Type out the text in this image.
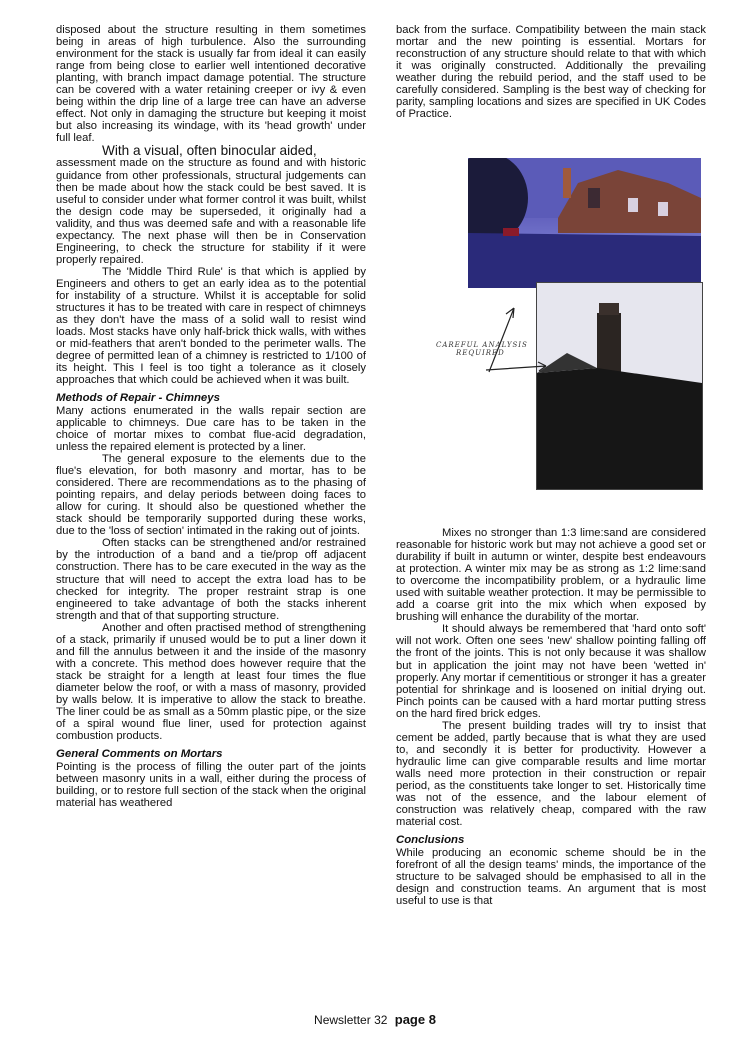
disposed about the structure resulting in them sometimes being in areas of high turbulence. Also the surrounding environment for the stack is usually far from ideal it can easily range from being close to earlier well intentioned decorative planting, with branch impact damage potential. The structure can be covered with a water retaining creeper or ivy & even being within the drip line of a large tree can have an adverse effect. Not only in damaging the structure but keeping it moist but also increasing its windage, with its 'head growth' under full leaf.

With a visual, often binocular aided,

assessment made on the structure as found and with historic guidance from other professionals, structural judgements can then be made about how the stack could be best saved. It is useful to consider under what former control it was built, whilst the design code may be superseded, it originally had a validity, and thus was deemed safe and with a reasonable life expectancy. The next phase will then be in Conservation Engineering, to check the structure for stability if it were properly repaired.

The 'Middle Third Rule' is that which is applied by Engineers and others to get an early idea as to the potential for instability of a structure. Whilst it is acceptable for solid structures it has to be treated with care in respect of chimneys as they don't have the mass of a solid wall to resist wind loads. Most stacks have only half-brick thick walls, with withes or mid-feathers that aren't bonded to the perimeter walls. The degree of permitted lean of a chimney is restricted to 1/100 of its height. This I feel is too tight a tolerance as it closely approaches that which could be achieved when it was built.

Methods of Repair - Chimneys

Many actions enumerated in the walls repair section are applicable to chimneys. Due care has to be taken in the choice of mortar mixes to combat flue-acid degradation, unless the repaired element is protected by a liner.

The general exposure to the elements due to the flue's elevation, for both masonry and mortar, has to be considered. There are recommendations as to the phasing of pointing repairs, and delay periods between doing faces to allow for curing. It should also be questioned whether the stack should be temporarily supported during these works, due to the 'loss of section' intimated in the raking out of joints.

Often stacks can be strengthened and/or restrained by the introduction of a band and a tie/prop off adjacent construction. There has to be care executed in the way as the structure that will need to accept the extra load has to be checked for integrity. The proper restraint strap is one engineered to take advantage of both the stacks inherent strength and that of that supporting structure.

Another and often practised method of strengthening of a stack, primarily if unused would be to put a liner down it and fill the annulus between it and the inside of the masonry with a concrete. This method does however require that the stack be straight for a length at least four times the flue diameter below the roof, or with a mass of masonry, provided by walls below. It is imperative to allow the stack to breathe. The liner could be as small as a 50mm plastic pipe, or the size of a spiral wound flue liner, used for protection against combustion products.

General Comments on Mortars

Pointing is the process of filling the outer part of the joints between masonry units in a wall, either during the process of building, or to restore full section of the stack when the original material has weathered

back from the surface. Compatibility between the main stack mortar and the new pointing is essential. Mortars for reconstruction of any structure should relate to that with which it was originally constructed. Additionally the prevailing weather during the rebuild period, and the staff used to be carefully considered. Sampling is the best way of checking for parity, sampling locations and sizes are specified in UK Codes of Practice.

CAREFUL ANALYSIS
REQUIRED

Mixes no stronger than 1:3 lime:sand are considered reasonable for historic work but may not achieve a good set or durability if built in autumn or winter, despite best endeavours at protection. A winter mix may be as strong as 1:2 lime:sand to overcome the incompatibility problem, or a hydraulic lime used with suitable weather protection. It may be permissible to add a coarse grit into the mix which when exposed by brushing will enhance the durability of the mortar.

It should always be remembered that 'hard onto soft' will not work. Often one sees 'new' shallow pointing falling off the front of the joints. This is not only because it was shallow but in application the joint may not have been 'wetted in' properly. Any mortar if cementitious or stronger it has a greater potential for shrinkage and is loosened on initial drying out. Pinch points can be caused with a hard mortar putting stress on the hard fired brick edges.

The present building trades will try to insist that cement be added, partly because that is what they are used to, and secondly it is better for productivity. However a hydraulic lime can give comparable results and lime mortar walls need more protection in their construction or repair period, as the constituents take longer to set. Historically time was not of the essence, and the labour element of construction was relatively cheap, compared with the raw material cost.

Conclusions

While producing an economic scheme should be in the forefront of all the design teams' minds, the importance of the structure to be salvaged should be emphasised to all in the design and construction teams. An argument that is most useful to use is that

Newsletter 32 page 8
